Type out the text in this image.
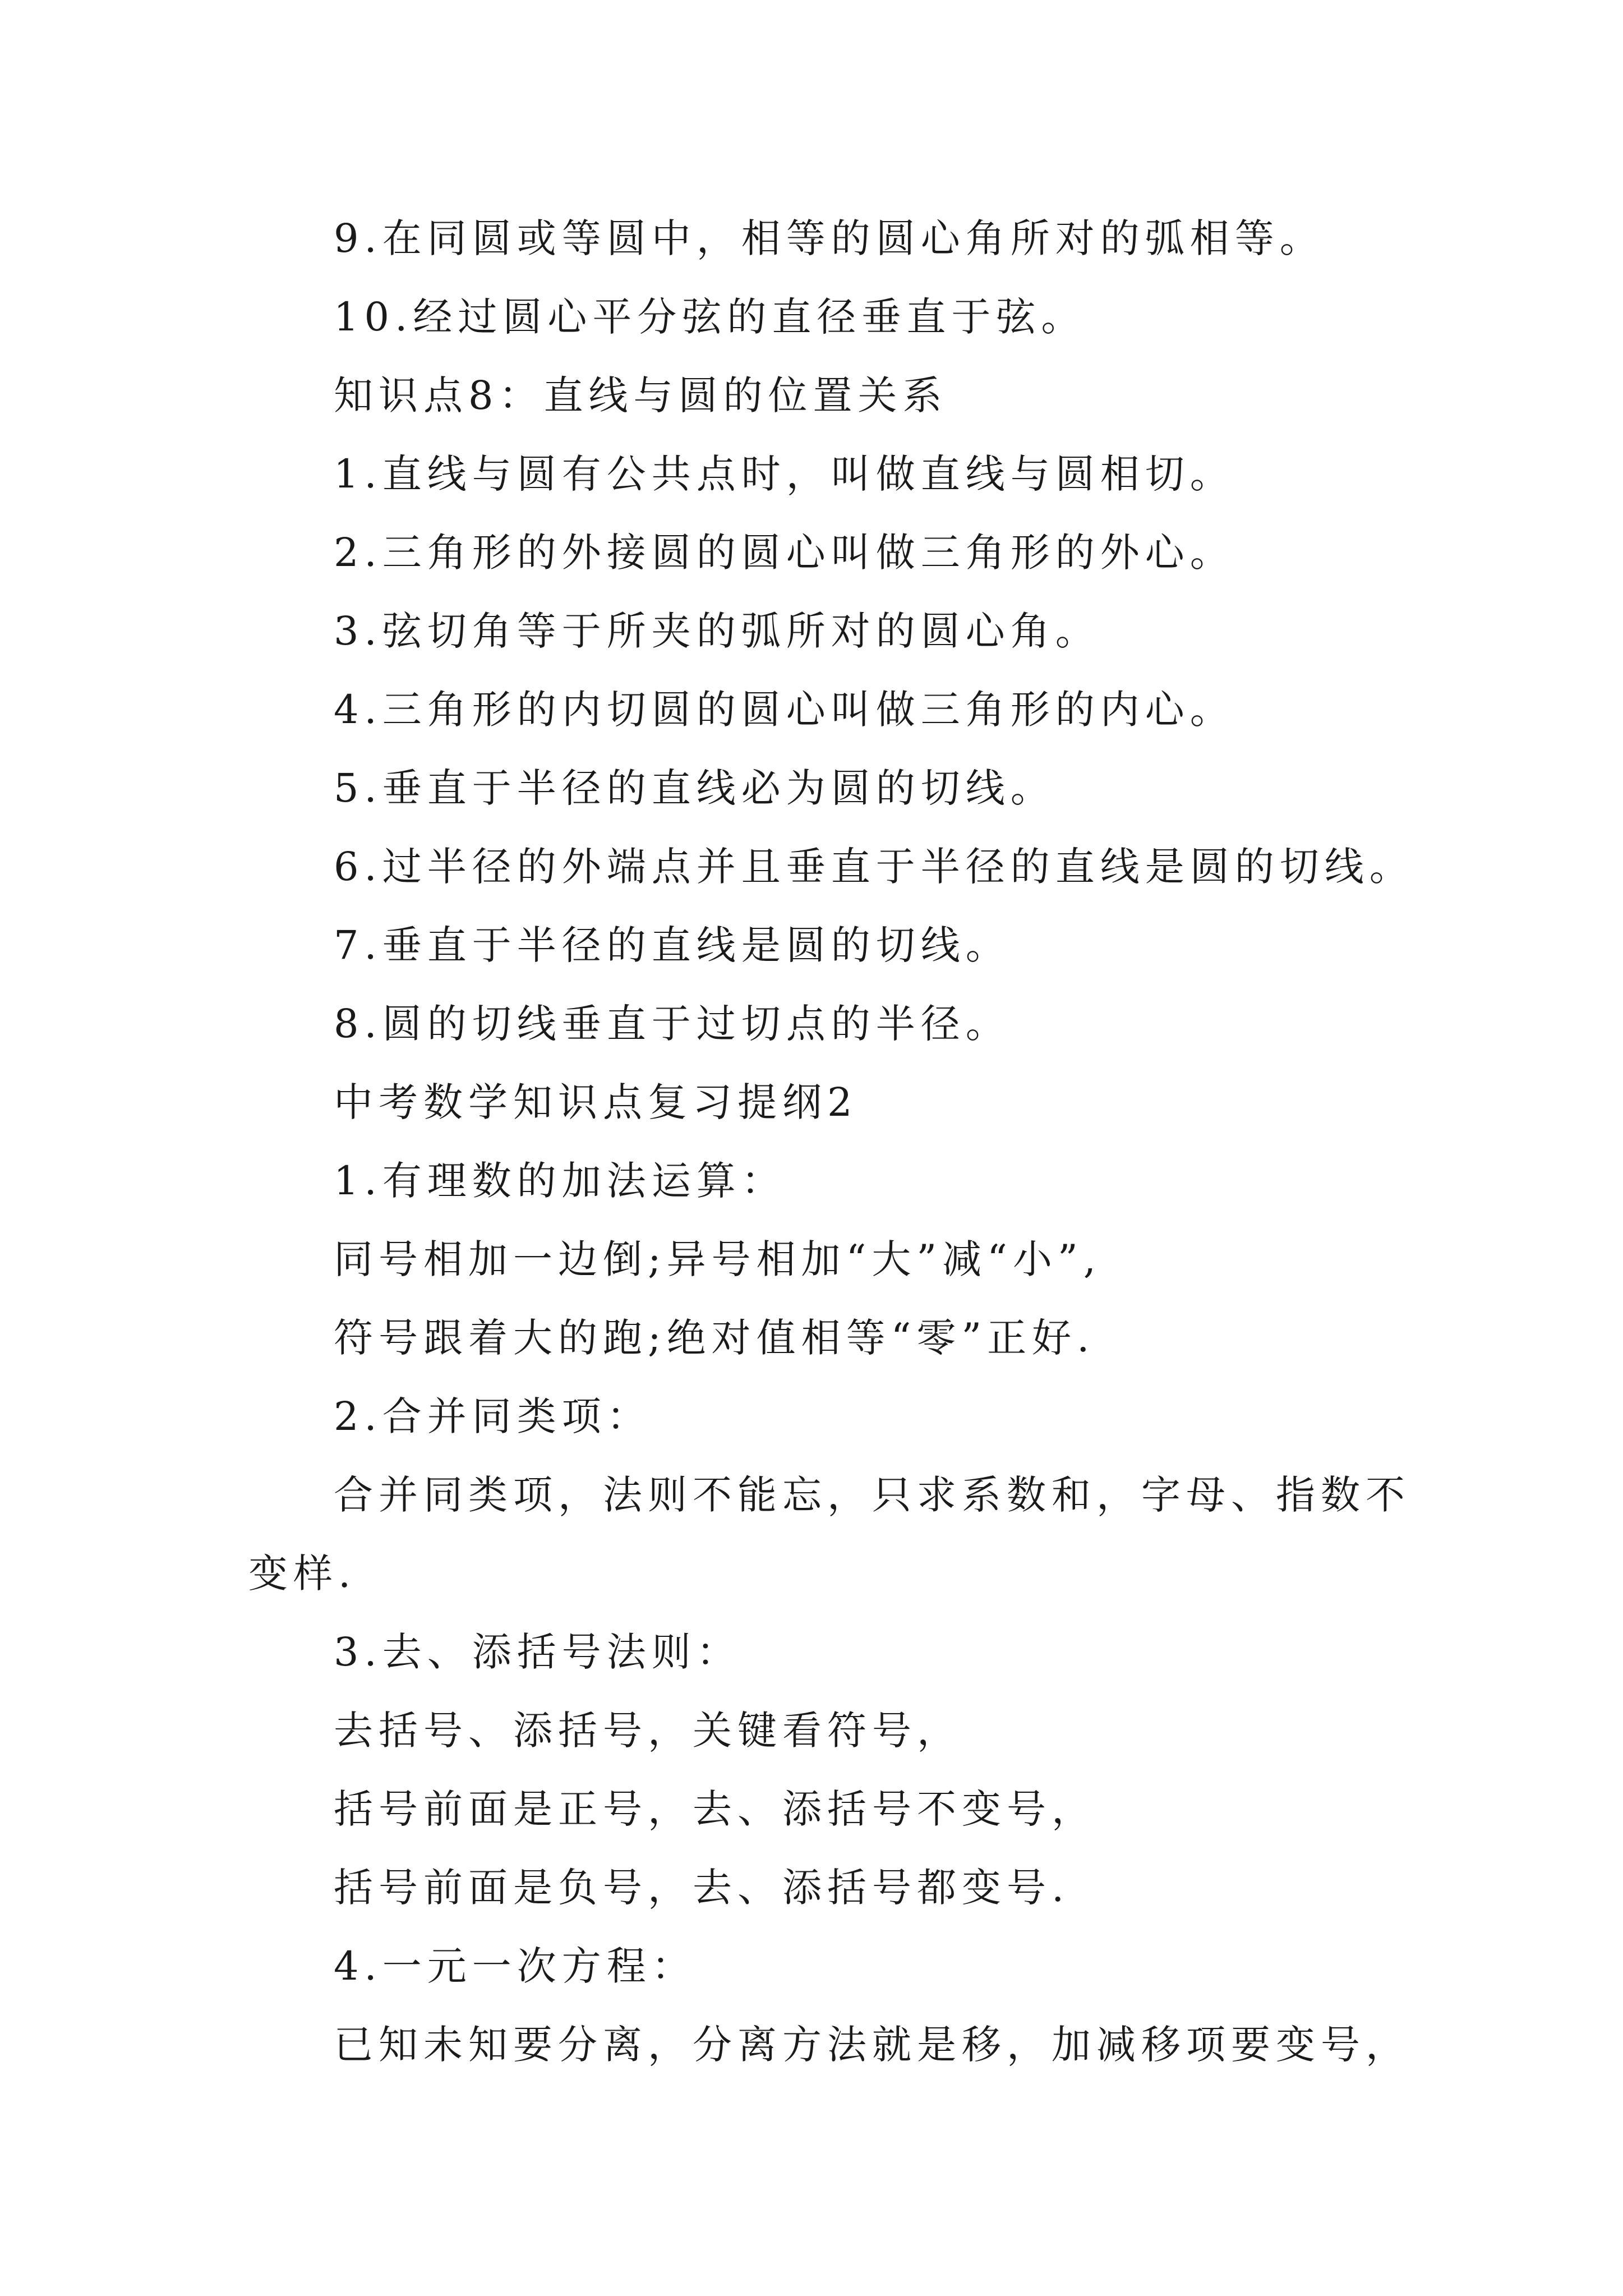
9.在同圆或等圆中，相等的圆心角所对的弧相等。
10.经过圆心平分弦的直径垂直于弦。
知识点8：直线与圆的位置关系
1.直线与圆有公共点时，叫做直线与圆相切。
2.三角形的外接圆的圆心叫做三角形的外心。
3.弦切角等于所夹的弧所对的圆心角。
4.三角形的内切圆的圆心叫做三角形的内心。
5.垂直于半径的直线必为圆的切线。
6.过半径的外端点并且垂直于半径的直线是圆的切线。
7.垂直于半径的直线是圆的切线。
8.圆的切线垂直于过切点的半径。
中考数学知识点复习提纲2
1.有理数的加法运算：
同号相加一边倒;异号相加“大”减“小”,
符号跟着大的跑;绝对值相等“零”正好.
2.合并同类项：
合并同类项，法则不能忘，只求系数和，字母、指数不
变样.
3.去、添括号法则：
去括号、添括号，关键看符号，
括号前面是正号，去、添括号不变号，
括号前面是负号，去、添括号都变号.
4.一元一次方程：
已知未知要分离，分离方法就是移，加减移项要变号，
